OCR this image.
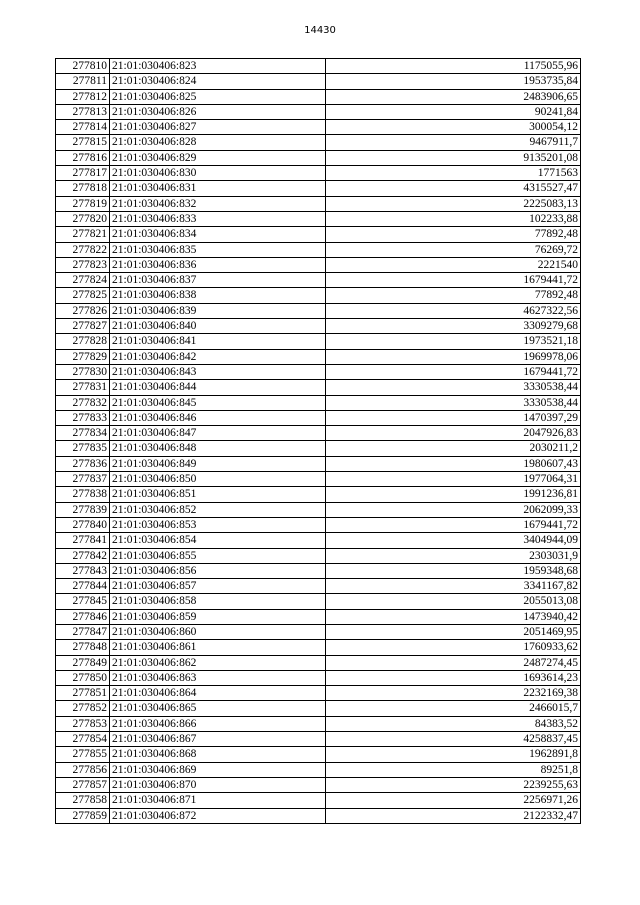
14430
277810	21:01:030406:823	1175055,96
277811	21:01:030406:824	1953735,84
277812	21:01:030406:825	2483906,65
277813	21:01:030406:826	90241,84
277814	21:01:030406:827	300054,12
277815	21:01:030406:828	9467911,7
277816	21:01:030406:829	9135201,08
277817	21:01:030406:830	1771563
277818	21:01:030406:831	4315527,47
277819	21:01:030406:832	2225083,13
277820	21:01:030406:833	102233,88
277821	21:01:030406:834	77892,48
277822	21:01:030406:835	76269,72
277823	21:01:030406:836	2221540
277824	21:01:030406:837	1679441,72
277825	21:01:030406:838	77892,48
277826	21:01:030406:839	4627322,56
277827	21:01:030406:840	3309279,68
277828	21:01:030406:841	1973521,18
277829	21:01:030406:842	1969978,06
277830	21:01:030406:843	1679441,72
277831	21:01:030406:844	3330538,44
277832	21:01:030406:845	3330538,44
277833	21:01:030406:846	1470397,29
277834	21:01:030406:847	2047926,83
277835	21:01:030406:848	2030211,2
277836	21:01:030406:849	1980607,43
277837	21:01:030406:850	1977064,31
277838	21:01:030406:851	1991236,81
277839	21:01:030406:852	2062099,33
277840	21:01:030406:853	1679441,72
277841	21:01:030406:854	3404944,09
277842	21:01:030406:855	2303031,9
277843	21:01:030406:856	1959348,68
277844	21:01:030406:857	3341167,82
277845	21:01:030406:858	2055013,08
277846	21:01:030406:859	1473940,42
277847	21:01:030406:860	2051469,95
277848	21:01:030406:861	1760933,62
277849	21:01:030406:862	2487274,45
277850	21:01:030406:863	1693614,23
277851	21:01:030406:864	2232169,38
277852	21:01:030406:865	2466015,7
277853	21:01:030406:866	84383,52
277854	21:01:030406:867	4258837,45
277855	21:01:030406:868	1962891,8
277856	21:01:030406:869	89251,8
277857	21:01:030406:870	2239255,63
277858	21:01:030406:871	2256971,26
277859	21:01:030406:872	2122332,47
